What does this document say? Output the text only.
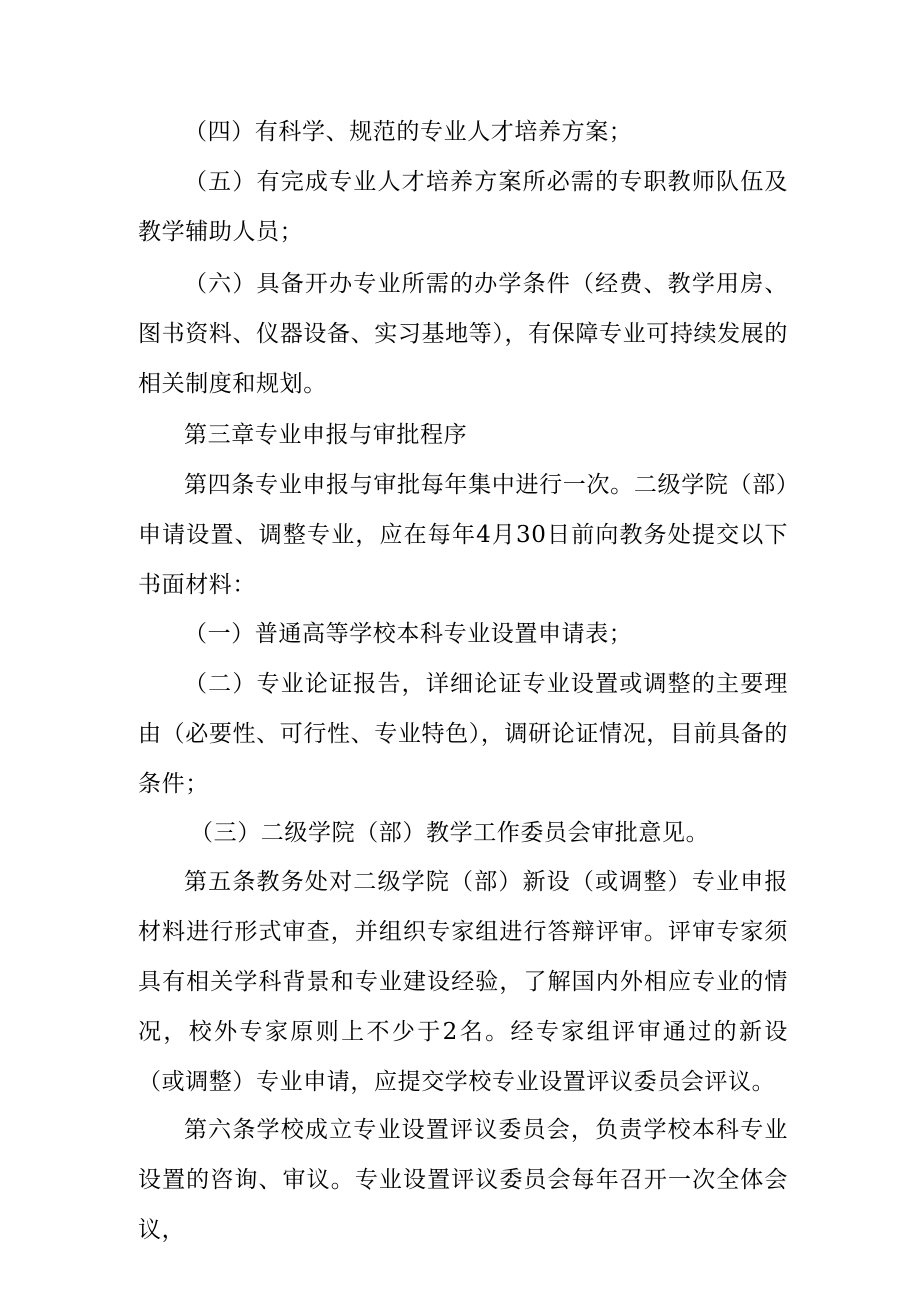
（四）有科学、规范的专业人才培养方案；

（五）有完成专业人才培养方案所必需的专职教师队伍及教学辅助人员；

（六）具备开办专业所需的办学条件（经费、教学用房、图书资料、仪器设备、实习基地等），有保障专业可持续发展的相关制度和规划。

第三章专业申报与审批程序

第四条专业申报与审批每年集中进行一次。二级学院（部）申请设置、调整专业，应在每年4月30日前向教务处提交以下书面材料：

（一）普通高等学校本科专业设置申请表；

（二）专业论证报告，详细论证专业设置或调整的主要理由（必要性、可行性、专业特色），调研论证情况，目前具备的条件；

（三）二级学院（部）教学工作委员会审批意见。

第五条教务处对二级学院（部）新设（或调整）专业申报材料进行形式审查，并组织专家组进行答辩评审。评审专家须具有相关学科背景和专业建设经验，了解国内外相应专业的情况，校外专家原则上不少于2名。经专家组评审通过的新设（或调整）专业申请，应提交学校专业设置评议委员会评议。

第六条学校成立专业设置评议委员会，负责学校本科专业设置的咨询、审议。专业设置评议委员会每年召开一次全体会议，
